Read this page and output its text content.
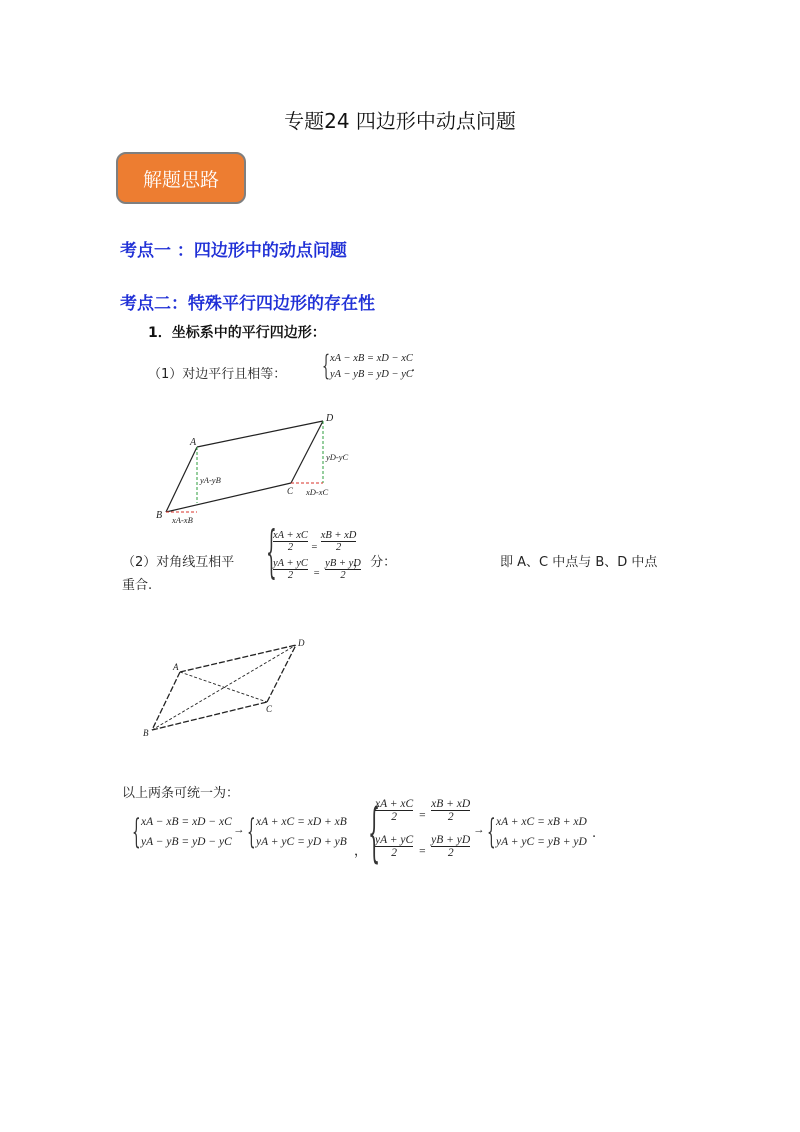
专题24 四边形中动点问题
解题思路
考点一 ：四边形中的动点问题
考点二：特殊平行四边形的存在性
1．坐标系中的平行四边形：
（1）对边平行且相等： { xA − xB = xD − xC
yA − yB = yD − yC
.
A
D
B
C
yA-yB
xA-xB
yD-yC
xD-xC
（2）对角线互相平
重合.
{
$\frac{xA + xC}{2} = \frac{xB + xD}{2}$
$\frac{yA + yC}{2} = \frac{yB + yD}{2}$
， 分：	即 A、C 中点与 B、D 中点
A
D
B
C
以上两条可统一为：
{ xA − xB = xD − xC
yA − yB = yD − yC
→ { xA + xC = xD + xB
yA + yC = yD + yB
， {
$\frac{xA + xC}{2} = \frac{xB + xD}{2}$
$\frac{yA + yC}{2} = \frac{yB + yD}{2}$
→ { xA + xC = xB + xD
yA + yC = yB + yD
.
